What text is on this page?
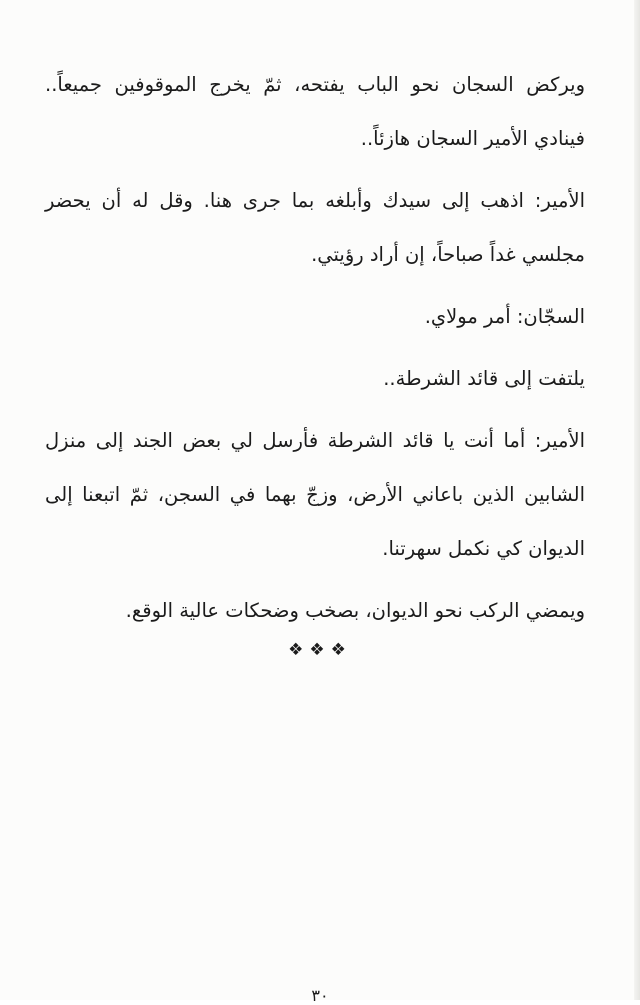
ويركض السجان نحو الباب يفتحه، ثمّ يخرج الموقوفين جميعاً.. فينادي الأمير السجان هازئاً..

الأمير: اذهب إلى سيدك وأبلغه بما جرى هنا. وقل له أن يحضر مجلسي غداً صباحاً، إن أراد رؤيتي.

السجّان: أمر مولاي.

يلتفت إلى قائد الشرطة..

الأمير: أما أنت يا قائد الشرطة فأرسل لي بعض الجند إلى منزل الشابين الذين باعاني الأرض، وزجّ بهما في السجن، ثمّ اتبعنا إلى الديوان كي نكمل سهرتنا.

ويمضي الركب نحو الديوان، بصخب وضحكات عالية الوقع.

❖❖❖
٣٠
